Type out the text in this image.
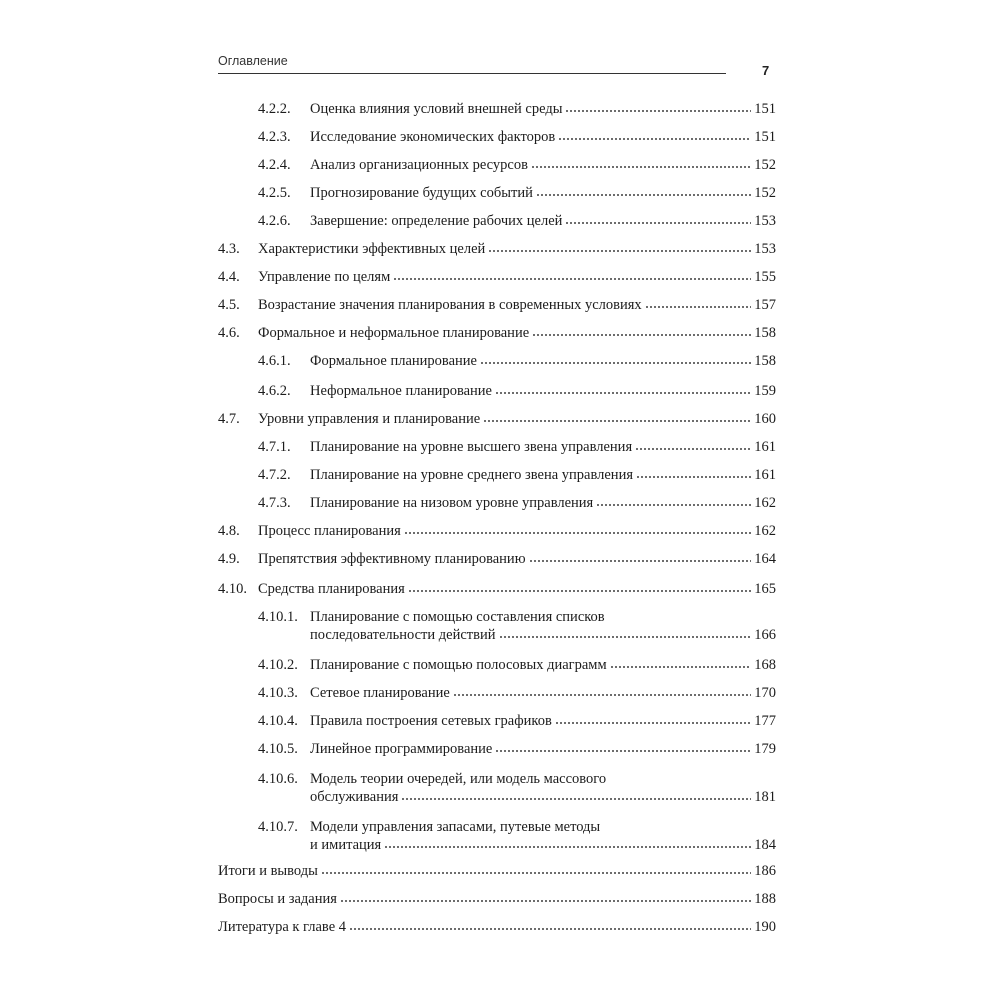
Оглавление
7
4.2.2. Оценка влияния условий внешней среды	151
4.2.3. Исследование экономических факторов	151
4.2.4. Анализ организационных ресурсов	152
4.2.5. Прогнозирование будущих событий	152
4.2.6. Завершение: определение рабочих целей	153
4.3. Характеристики эффективных целей	153
4.4. Управление по целям	155
4.5. Возрастание значения планирования в современных условиях	157
4.6. Формальное и неформальное планирование	158
4.6.1. Формальное планирование	158
4.6.2. Неформальное планирование	159
4.7. Уровни управления и планирование	160
4.7.1. Планирование на уровне высшего звена управления	161
4.7.2. Планирование на уровне среднего звена управления	161
4.7.3. Планирование на низовом уровне управления	162
4.8. Процесс планирования	162
4.9. Препятствия эффективному планированию	164
4.10. Средства планирования	165
4.10.1. Планирование с помощью составления списков
последовательности действий	166
4.10.2. Планирование с помощью полосовых диаграмм	168
4.10.3. Сетевое планирование	170
4.10.4. Правила построения сетевых графиков	177
4.10.5. Линейное программирование	179
4.10.6. Модель теории очередей, или модель массового
обслуживания	181
4.10.7. Модели управления запасами, путевые методы
и имитация	184
Итоги и выводы	186
Вопросы и задания	188
Литература к главе 4	190
